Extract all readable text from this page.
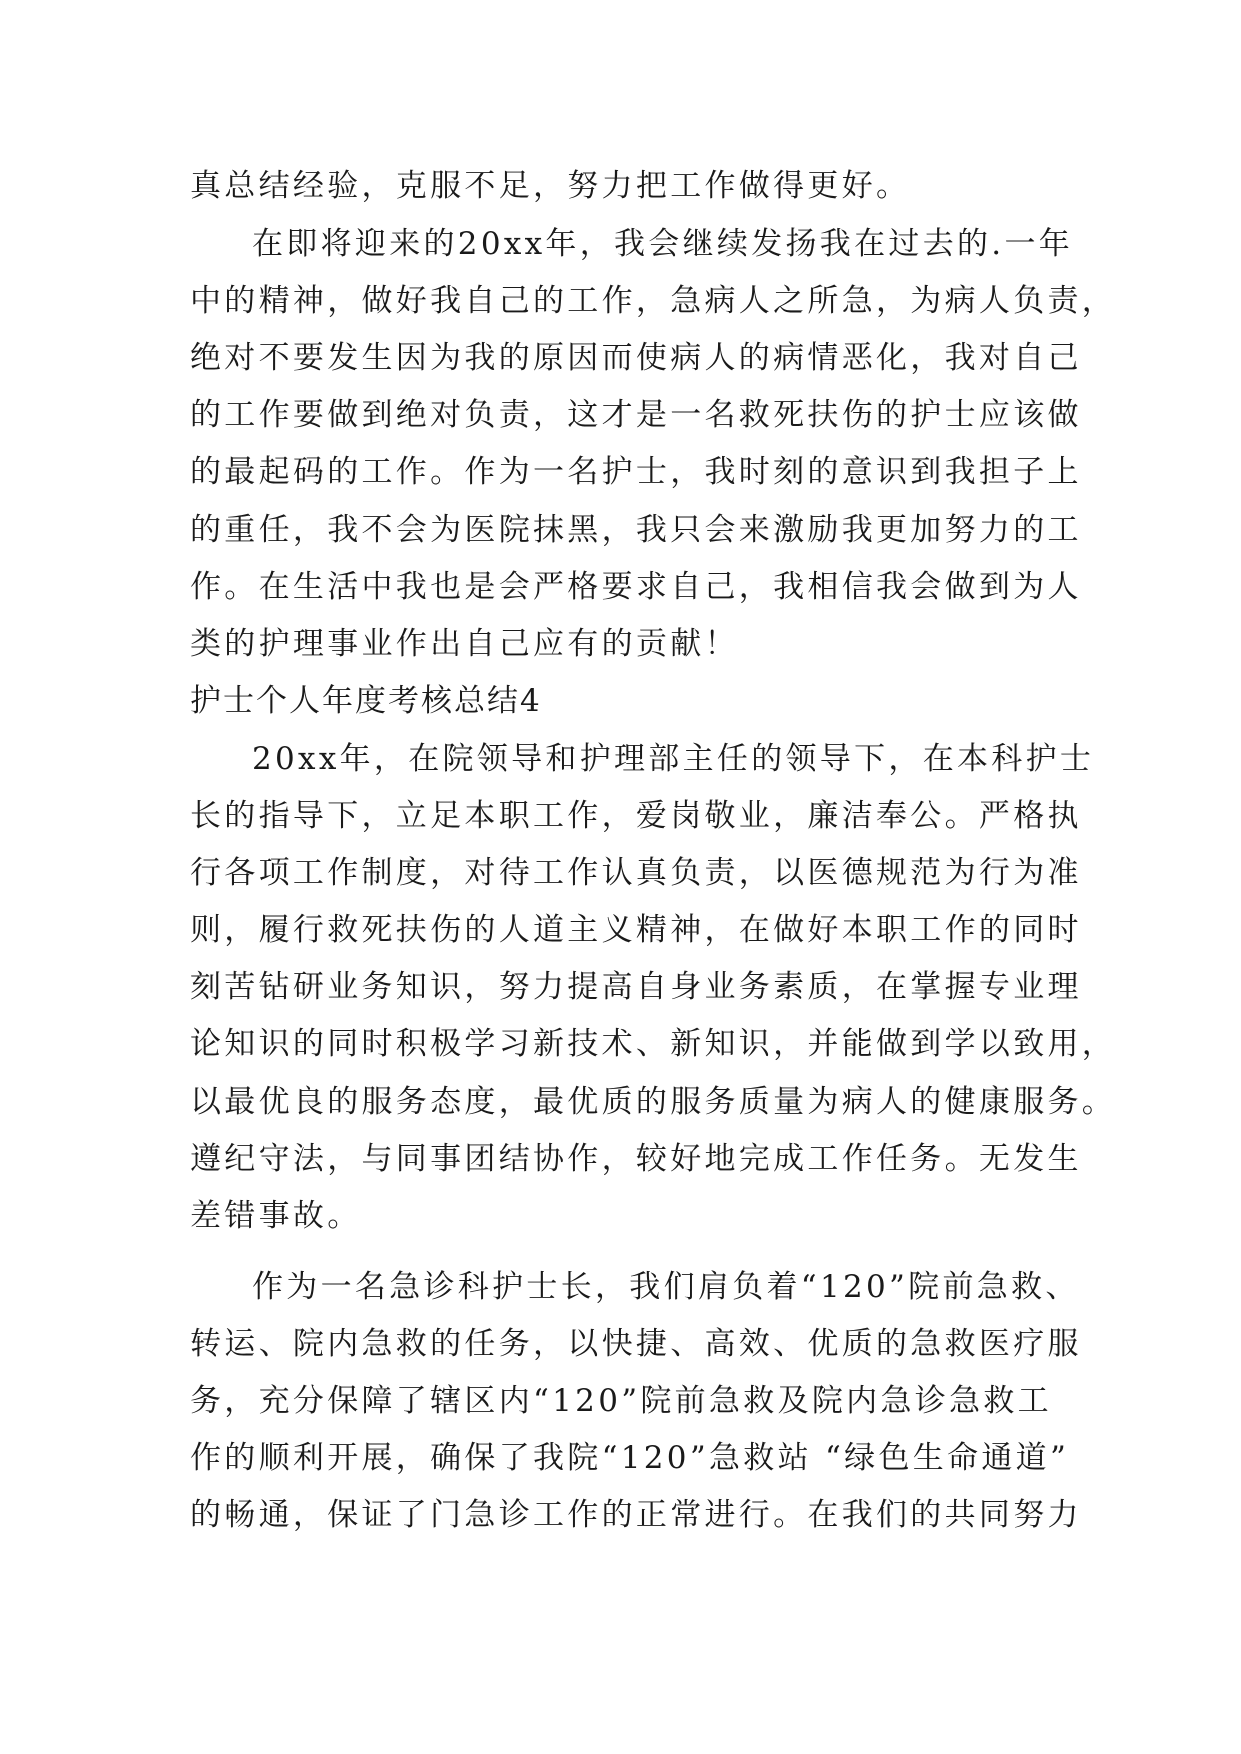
真总结经验，克服不足，努力把工作做得更好。
在即将迎来的20xx年，我会继续发扬我在过去的.一年
中的精神，做好我自己的工作，急病人之所急，为病人负责，
绝对不要发生因为我的原因而使病人的病情恶化，我对自己
的工作要做到绝对负责，这才是一名救死扶伤的护士应该做
的最起码的工作。作为一名护士，我时刻的意识到我担子上
的重任，我不会为医院抹黑，我只会来激励我更加努力的工
作。在生活中我也是会严格要求自己，我相信我会做到为人
类的护理事业作出自己应有的贡献！
护士个人年度考核总结4
20xx年，在院领导和护理部主任的领导下，在本科护士
长的指导下，立足本职工作，爱岗敬业，廉洁奉公。严格执
行各项工作制度，对待工作认真负责，以医德规范为行为准
则，履行救死扶伤的人道主义精神，在做好本职工作的同时
刻苦钻研业务知识，努力提高自身业务素质，在掌握专业理
论知识的同时积极学习新技术、新知识，并能做到学以致用，
以最优良的服务态度，最优质的服务质量为病人的健康服务。
遵纪守法，与同事团结协作，较好地完成工作任务。无发生
差错事故。
作为一名急诊科护士长，我们肩负着“120”院前急救、
转运、院内急救的任务，以快捷、高效、优质的急救医疗服
务，充分保障了辖区内“120”院前急救及院内急诊急救工
作的顺利开展，确保了我院“120”急救站 “绿色生命通道”
的畅通，保证了门急诊工作的正常进行。在我们的共同努力
